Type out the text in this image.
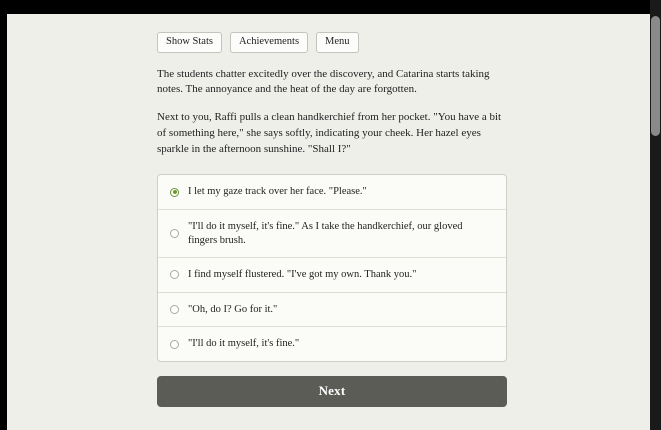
Show Stats	Achievements	Menu

The students chatter excitedly over the discovery, and Catarina starts taking notes. The annoyance and the heat of the day are forgotten.

Next to you, Raffi pulls a clean handkerchief from her pocket. "You have a bit of something here," she says softly, indicating your cheek. Her hazel eyes sparkle in the afternoon sunshine. "Shall I?"

I let my gaze track over her face. "Please."
"I'll do it myself, it's fine." As I take the handkerchief, our gloved fingers brush.
I find myself flustered. "I've got my own. Thank you."
"Oh, do I? Go for it."
"I'll do it myself, it's fine."
Next
